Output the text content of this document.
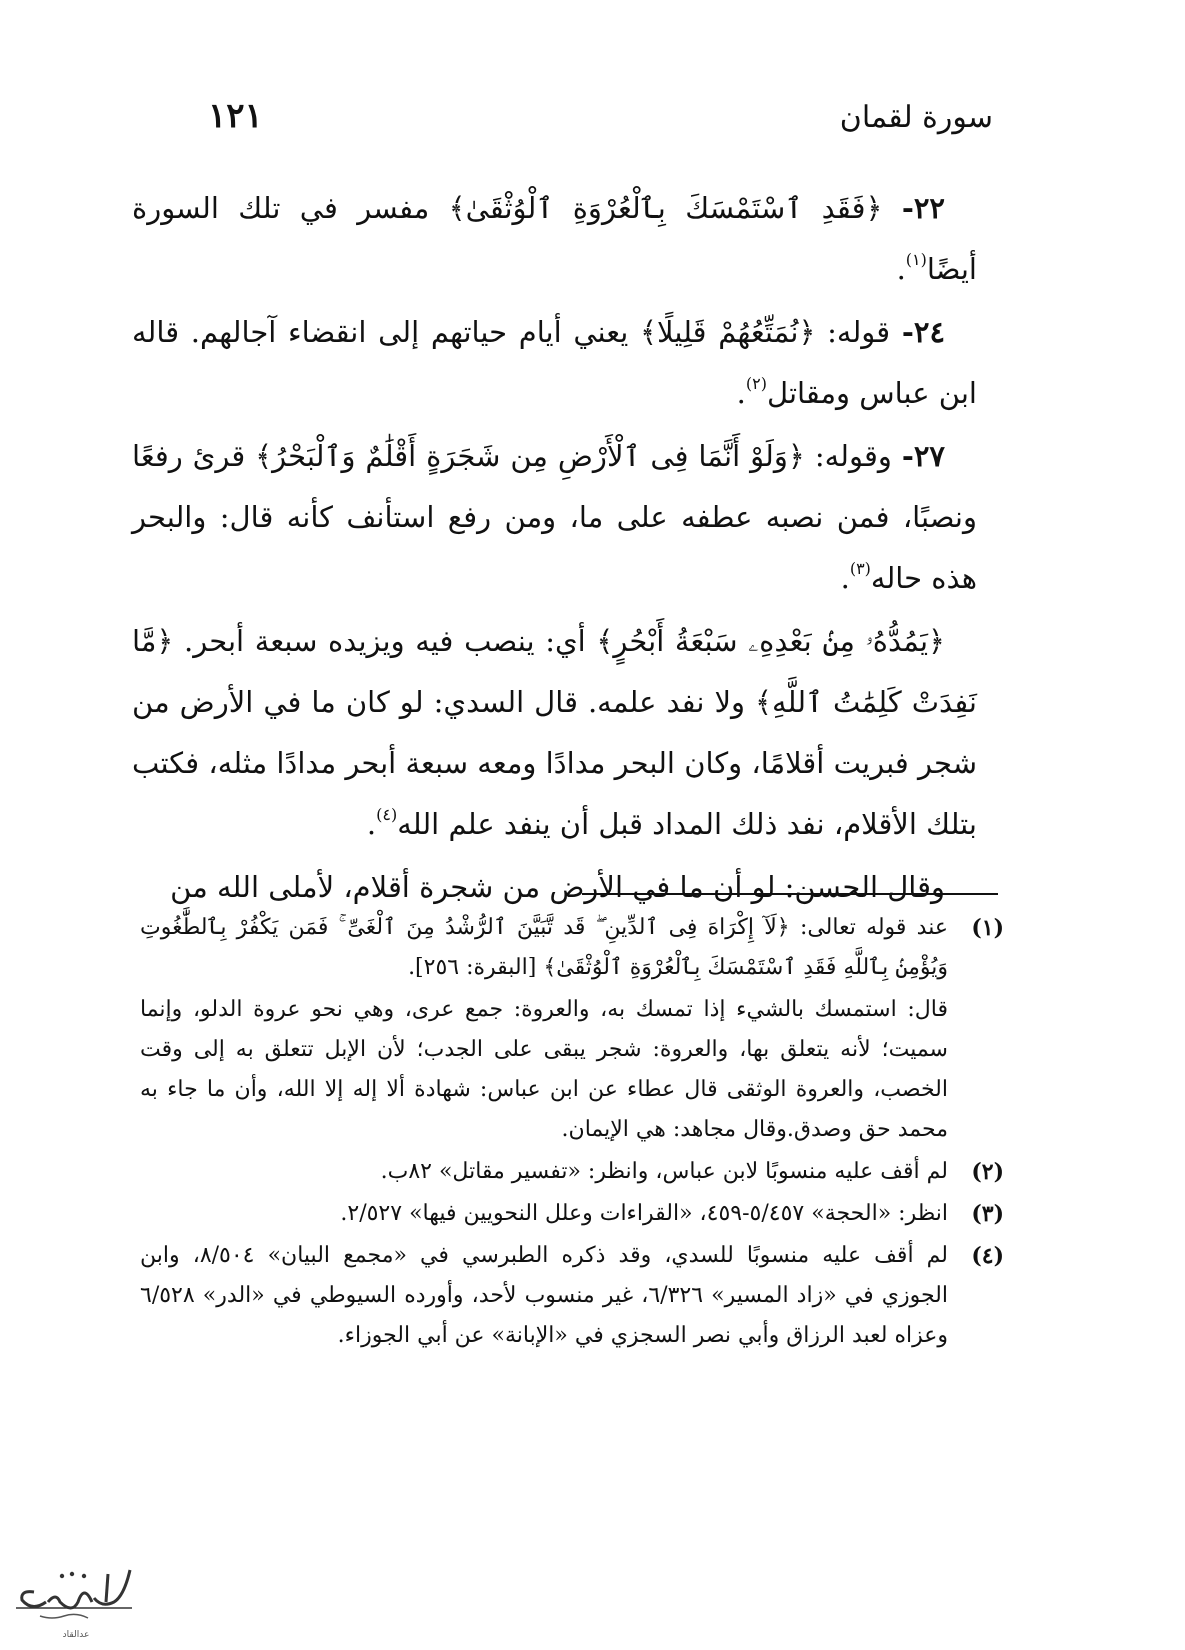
سورة لقمان
١٢١

٢٢- ﴿فَقَدِ ٱسْتَمْسَكَ بِٱلْعُرْوَةِ ٱلْوُثْقَىٰ﴾ مفسر في تلك السورة أيضًا$^{(١)}$.

٢٤- قوله: ﴿نُمَتِّعُهُمْ قَلِيلًا﴾ يعني أيام حياتهم إلى انقضاء آجالهم. قاله ابن عباس ومقاتل$^{(٢)}$.

٢٧- وقوله: ﴿وَلَوْ أَنَّمَا فِى ٱلْأَرْضِ مِن شَجَرَةٍ أَقْلَٰمٌ وَٱلْبَحْرُ﴾ قرئ رفعًا ونصبًا، فمن نصبه عطفه على ما، ومن رفع استأنف كأنه قال: والبحر هذه حاله$^{(٣)}$.

﴿يَمُدُّهُۥ مِنۢ بَعْدِهِۦ سَبْعَةُ أَبْحُرٍ﴾ أي: ينصب فيه ويزيده سبعة أبحر. ﴿مَّا نَفِدَتْ كَلِمَٰتُ ٱللَّهِ﴾ ولا نفد علمه. قال السدي: لو كان ما في الأرض من شجر فبريت أقلامًا، وكان البحر مدادًا ومعه سبعة أبحر مدادًا مثله، فكتب بتلك الأقلام، نفد ذلك المداد قبل أن ينفد علم الله$^{(٤)}$.

وقال الحسن: لو أن ما في الأرض من شجرة أقلام، لأملى الله من

(١)
عند قوله تعالى: ﴿لَآ إِكْرَاهَ فِى ٱلدِّينِ ۖ قَد تَّبَيَّنَ ٱلرُّشْدُ مِنَ ٱلْغَىِّ ۚ فَمَن يَكْفُرْ بِٱلطَّٰغُوتِ وَيُؤْمِنۢ بِٱللَّهِ فَقَدِ ٱسْتَمْسَكَ بِٱلْعُرْوَةِ ٱلْوُثْقَىٰ﴾ [البقرة: ٢٥٦].
قال: استمسك بالشيء إذا تمسك به، والعروة: جمع عرى، وهي نحو عروة الدلو، وإنما سميت؛ لأنه يتعلق بها، والعروة: شجر يبقى على الجدب؛ لأن الإبل تتعلق به إلى وقت الخصب، والعروة الوثقى قال عطاء عن ابن عباس: شهادة ألا إله إلا الله، وأن ما جاء به محمد حق وصدق.وقال مجاهد: هي الإيمان.
(٢)
لم أقف عليه منسوبًا لابن عباس، وانظر: «تفسير مقاتل» ٨٢ب.
(٣)
انظر: «الحجة» ٥/٤٥٧-٤٥٩، «القراءات وعلل النحويين فيها» ٢/٥٢٧.
(٤)
لم أقف عليه منسوبًا للسدي، وقد ذكره الطبرسي في «مجمع البيان» ٨/٥٠٤، وابن الجوزي في «زاد المسير» ٦/٣٢٦، غير منسوب لأحد، وأورده السيوطي في «الدر» ٦/٥٢٨ وعزاه لعبد الرزاق وأبي نصر السجزي في «الإبانة» عن أبي الجوزاء.
عدالقاد
